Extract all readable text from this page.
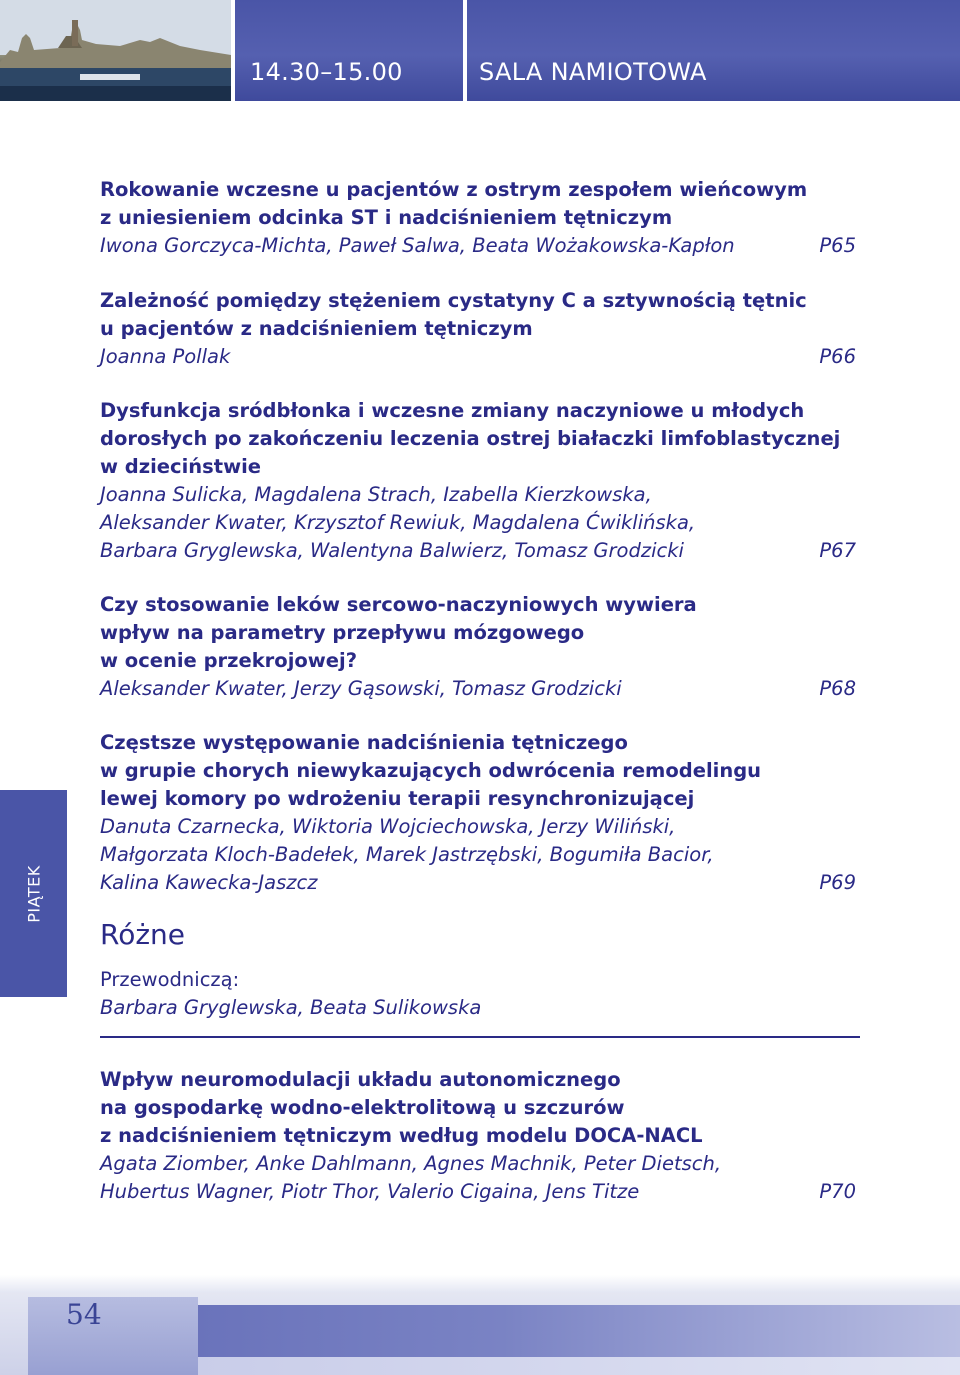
14.30–15.00	SALA NAMIOTOWA
PIĄTEK
Rokowanie wczesne u pacjentów z ostrym zespołem wieńcowym
z uniesieniem odcinka ST i nadciśnieniem tętniczym
Iwona Gorczyca-Michta, Paweł Salwa, Beata Wożakowska-Kapłon	P65
Zależność pomiędzy stężeniem cystatyny C a sztywnością tętnic
u pacjentów z nadciśnieniem tętniczym
Joanna Pollak	P66
Dysfunkcja sródbłonka i wczesne zmiany naczyniowe u młodych
dorosłych po zakończeniu leczenia ostrej białaczki limfoblastycznej
w dzieciństwie
Joanna Sulicka, Magdalena Strach, Izabella Kierzkowska,
Aleksander Kwater, Krzysztof Rewiuk, Magdalena Ćwiklińska,
Barbara Gryglewska, Walentyna Balwierz, Tomasz Grodzicki	P67
Czy stosowanie leków sercowo-naczyniowych wywiera
wpływ na parametry przepływu mózgowego
w ocenie przekrojowej?
Aleksander Kwater, Jerzy Gąsowski, Tomasz Grodzicki	P68
Częstsze występowanie nadciśnienia tętniczego
w grupie chorych niewykazujących odwrócenia remodelingu
lewej komory po wdrożeniu terapii resynchronizującej
Danuta Czarnecka, Wiktoria Wojciechowska, Jerzy Wiliński,
Małgorzata Kloch-Badełek, Marek Jastrzębski, Bogumiła Bacior,
Kalina Kawecka-Jaszcz	P69
Różne
Przewodniczą:
Barbara Gryglewska, Beata Sulikowska
Wpływ neuromodulacji układu autonomicznego
na gospodarkę wodno-elektrolitową u szczurów
z nadciśnieniem tętniczym według modelu DOCA-NACL
Agata Ziomber, Anke Dahlmann, Agnes Machnik, Peter Dietsch,
Hubertus Wagner, Piotr Thor, Valerio Cigaina, Jens Titze	P70
54
